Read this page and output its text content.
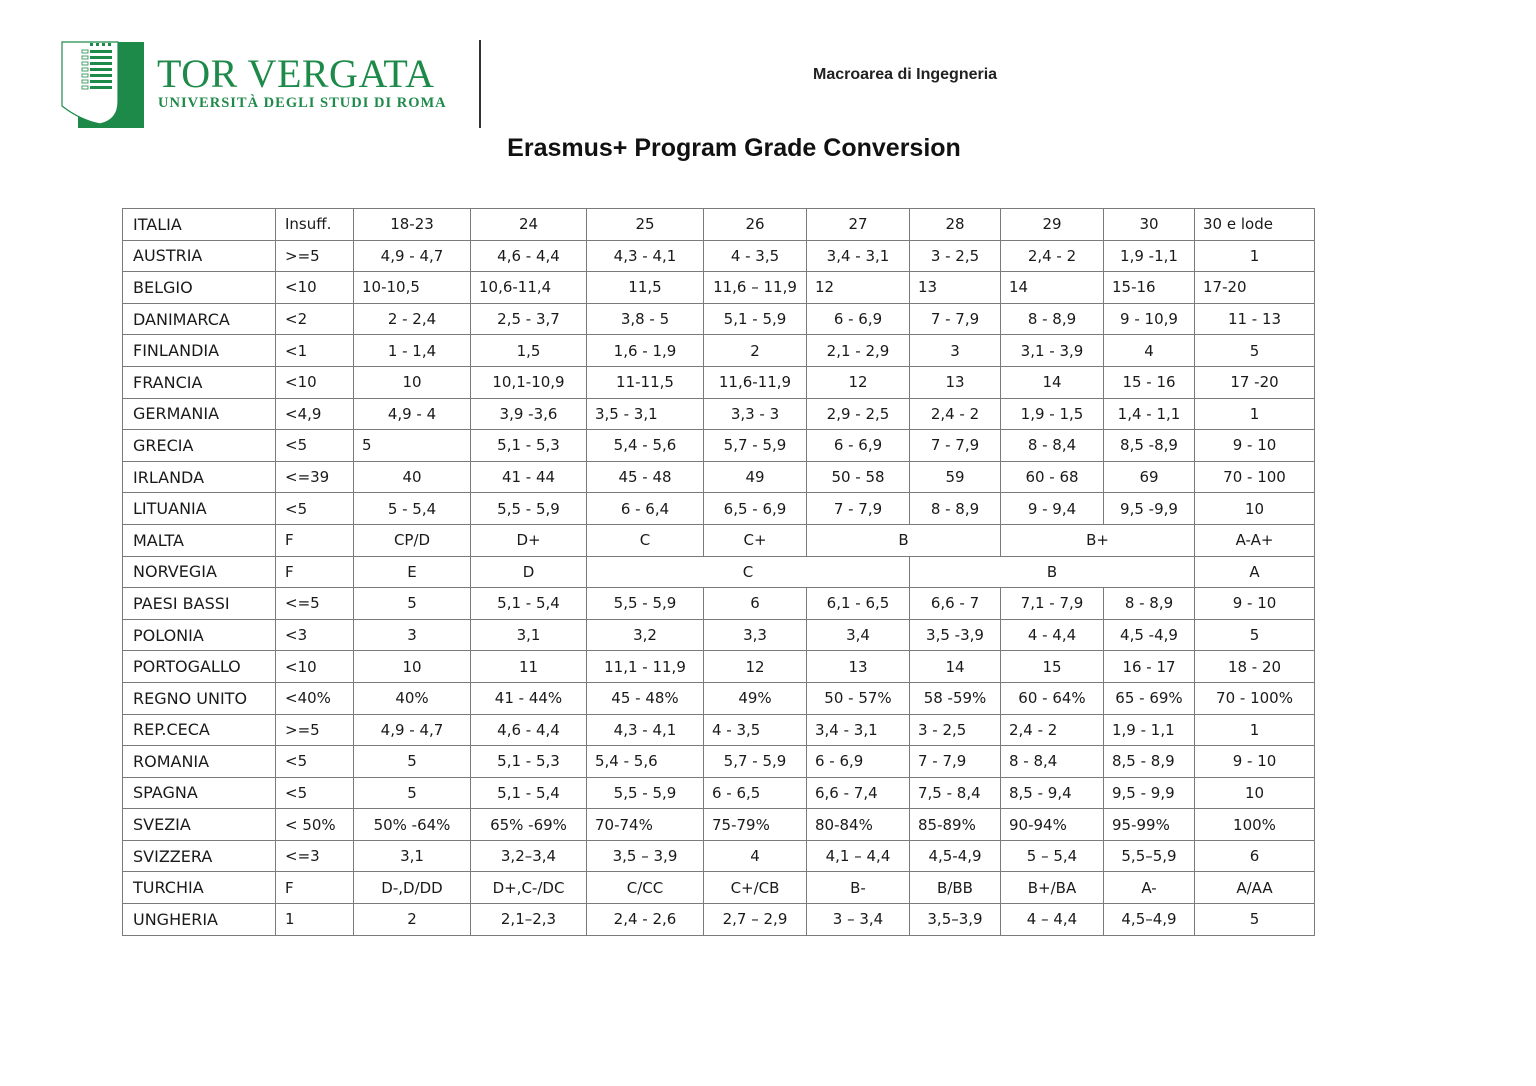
TOR VERGATA
UNIVERSITÀ DEGLI STUDI DI ROMA
Macroarea di Ingegneria
Erasmus+ Program Grade Conversion
ITALIA	Insuff.	18-23	24	25	26	27	28	29	30	30 e lode
AUSTRIA	>=5	4,9 - 4,7	4,6 - 4,4	4,3 - 4,1	4 - 3,5	3,4 - 3,1	3 - 2,5	2,4 - 2	1,9 -1,1	1
BELGIO	<10	10-10,5	10,6-11,4	11,5	11,6 – 11,9	12	13	14	15-16	17-20
DANIMARCA	<2	2 - 2,4	2,5 - 3,7	3,8 - 5	5,1 - 5,9	6 - 6,9	7 - 7,9	8 - 8,9	9 - 10,9	11 - 13
FINLANDIA	<1	1 - 1,4	1,5	1,6 - 1,9	2	2,1 - 2,9	3	3,1 - 3,9	4	5
FRANCIA	<10	10	10,1-10,9	11-11,5	11,6-11,9	12	13	14	15 - 16	17 -20
GERMANIA	<4,9	4,9 - 4	3,9 -3,6	3,5 - 3,1	3,3 - 3	2,9 - 2,5	2,4 - 2	1,9 - 1,5	1,4 - 1,1	1
GRECIA	<5	5	5,1 - 5,3	5,4 - 5,6	5,7 - 5,9	6 - 6,9	7 - 7,9	8 - 8,4	8,5 -8,9	9 - 10
IRLANDA	<=39	40	41 - 44	45 - 48	49	50 - 58	59	60 - 68	69	70 - 100
LITUANIA	<5	5 - 5,4	5,5 - 5,9	6 - 6,4	6,5 - 6,9	7 - 7,9	8 - 8,9	9 - 9,4	9,5 -9,9	10
MALTA	F	CP/D	D+	C	C+	B		B+		A-A+
NORVEGIA	F	E	D	C			B			A
PAESI BASSI	<=5	5	5,1 - 5,4	5,5 - 5,9	6	6,1 - 6,5	6,6 - 7	7,1 - 7,9	8 - 8,9	9 - 10
POLONIA	<3	3	3,1	3,2	3,3	3,4	3,5 -3,9	4 - 4,4	4,5 -4,9	5
PORTOGALLO	<10	10	11	11,1 - 11,9	12	13	14	15	16 - 17	18 - 20
REGNO UNITO	<40%	40%	41 - 44%	45 - 48%	49%	50 - 57%	58 -59%	60 - 64%	65 - 69%	70 - 100%
REP.CECA	>=5	4,9 - 4,7	4,6 - 4,4	4,3 - 4,1	4 - 3,5	3,4 - 3,1	3 - 2,5	2,4 - 2	1,9 - 1,1	1
ROMANIA	<5	5	5,1 - 5,3	5,4 - 5,6	5,7 - 5,9	6 - 6,9	7 - 7,9	8 - 8,4	8,5 - 8,9	9 - 10
SPAGNA	<5	5	5,1 - 5,4	5,5 - 5,9	6 - 6,5	6,6 - 7,4	7,5 - 8,4	8,5 - 9,4	9,5 - 9,9	10
SVEZIA	< 50%	50% -64%	65% -69%	70-74%	75-79%	80-84%	85-89%	90-94%	95-99%	100%
SVIZZERA	<=3	3,1	3,2–3,4	3,5 – 3,9	4	4,1 – 4,4	4,5-4,9	5 – 5,4	5,5–5,9	6
TURCHIA	F	D-,D/DD	D+,C-/DC	C/CC	C+/CB	B-	B/BB	B+/BA	A-	A/AA
UNGHERIA	1	2	2,1–2,3	2,4 - 2,6	2,7 – 2,9	3 – 3,4	3,5–3,9	4 – 4,4	4,5–4,9	5
